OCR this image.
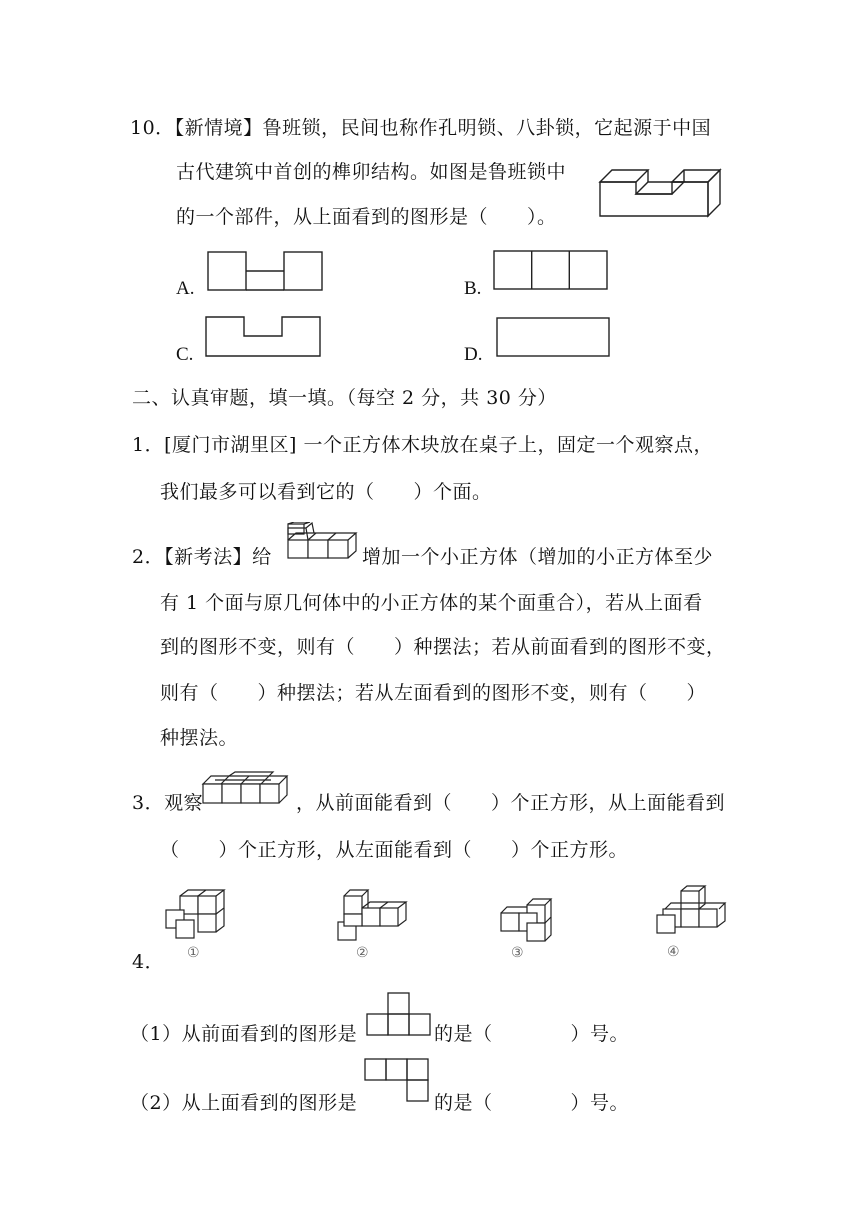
10．【新情境】鲁班锁，民间也称作孔明锁、八卦锁，它起源于中国
古代建筑中首创的榫卯结构。如图是鲁班锁中
的一个部件，从上面看到的图形是（　　）。
A.	B.
C.	D.
二、认真审题，填一填。（每空 2 分，共 30 分）
1．[厦门市湖里区] 一个正方体木块放在桌子上，固定一个观察点，
我们最多可以看到它的（　　）个面。
2．【新考法】给	增加一个小正方体（增加的小正方体至少
有 1 个面与原几何体中的小正方体的某个面重合），若从上面看
到的图形不变，则有（　　）种摆法；若从前面看到的图形不变，
则有（　　）种摆法；若从左面看到的图形不变，则有（　　）
种摆法。
3．观察	，从前面能看到（　　）个正方形，从上面能看到
（　　）个正方形，从左面能看到（　　）个正方形。
4． ①	②	③	④
（1）从前面看到的图形是	的是（　　　　）号。
（2）从上面看到的图形是	的是（　　　　）号。
